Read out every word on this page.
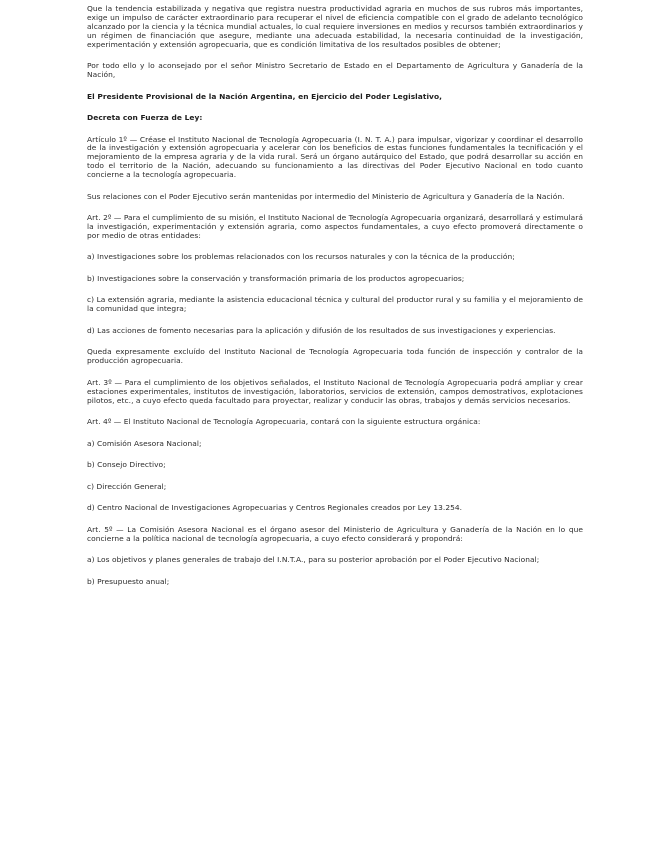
Que la tendencia estabilizada y negativa que registra nuestra productividad agraria en muchos de sus rubros más importantes, exige un impulso de carácter extraordinario para recuperar el nivel de eficiencia compatible con el grado de adelanto tecnológico alcanzado por la ciencia y la técnica mundial actuales, lo cual requiere inversiones en medios y recursos también extraordinarios y un régimen de financiación que asegure, mediante una adecuada estabilidad, la necesaria continuidad de la investigación, experimentación y extensión agropecuaria, que es condición limitativa de los resultados posibles de obtener;

Por todo ello y lo aconsejado por el señor Ministro Secretario de Estado en el Departamento de Agricultura y Ganadería de la Nación,

El Presidente Provisional de la Nación Argentina, en Ejercicio del Poder Legislativo,

Decreta con Fuerza de Ley:

Artículo 1º — Créase el Instituto Nacional de Tecnología Agropecuaria (I. N. T. A.) para impulsar, vigorizar y coordinar el desarrollo de la investigación y extensión agropecuaria y acelerar con los beneficios de estas funciones fundamentales la tecnificación y el mejoramiento de la empresa agraria y de la vida rural. Será un órgano autárquico del Estado, que podrá desarrollar su acción en todo el territorio de la Nación, adecuando su funcionamiento a las directivas del Poder Ejecutivo Nacional en todo cuanto concierne a la tecnología agropecuaria.

Sus relaciones con el Poder Ejecutivo serán mantenidas por intermedio del Ministerio de Agricultura y Ganadería de la Nación.

Art. 2º — Para el cumplimiento de su misión, el Instituto Nacional de Tecnología Agropecuaria organizará, desarrollará y estimulará la investigación, experimentación y extensión agraria, como aspectos fundamentales, a cuyo efecto promoverá directamente o por medio de otras entidades:

a) Investigaciones sobre los problemas relacionados con los recursos naturales y con la técnica de la producción;

b) Investigaciones sobre la conservación y transformación primaria de los productos agropecuarios;

c) La extensión agraria, mediante la asistencia educacional técnica y cultural del productor rural y su familia y el mejoramiento de la comunidad que integra;

d) Las acciones de fomento necesarias para la aplicación y difusión de los resultados de sus investigaciones y experiencias.

Queda expresamente excluído del Instituto Nacional de Tecnología Agropecuaria toda función de inspección y contralor de la producción agropecuaria.

Art. 3º — Para el cumplimiento de los objetivos señalados, el Instituto Nacional de Tecnología Agropecuaria podrá ampliar y crear estaciones experimentales, institutos de investigación, laboratorios, servicios de extensión, campos demostrativos, explotaciones pilotos, etc., a cuyo efecto queda facultado para proyectar, realizar y conducir las obras, trabajos y demás servicios necesarios.

Art. 4º — El Instituto Nacional de Tecnología Agropecuaria, contará con la siguiente estructura orgánica:

a) Comisión Asesora Nacional;

b) Consejo Directivo;

c) Dirección General;

d) Centro Nacional de Investigaciones Agropecuarias y Centros Regionales creados por Ley 13.254.

Art. 5º — La Comisión Asesora Nacional es el órgano asesor del Ministerio de Agricultura y Ganadería de la Nación en lo que concierne a la política nacional de tecnología agropecuaria, a cuyo efecto considerará y propondrá:

a) Los objetivos y planes generales de trabajo del I.N.T.A., para su posterior aprobación por el Poder Ejecutivo Nacional;

b) Presupuesto anual;
